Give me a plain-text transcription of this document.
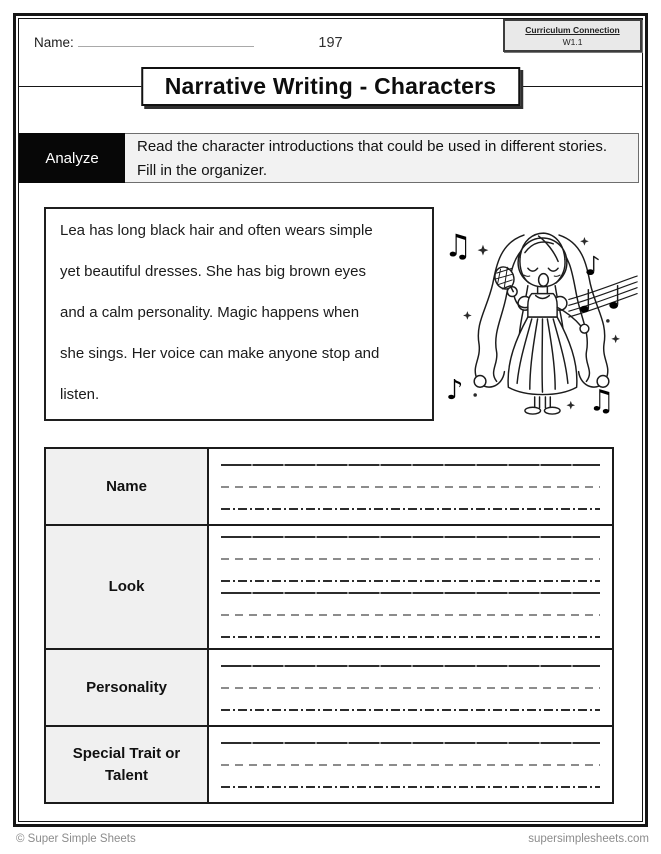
Name:	197
Curriculum Connection
W1.1
Narrative Writing - Characters
Analyze
Read the character introductions that could be used in different stories. Fill in the organizer.
Lea has long black hair and often wears simple
yet beautiful dresses. She has big brown eyes
and a calm personality. Magic happens when
she sings. Her voice can make anyone stop and
listen.
♫
♪	♫
Name	

Look	

Personality	

Special Trait or Talent	
© Super Simple Sheets	supersimplesheets.com
